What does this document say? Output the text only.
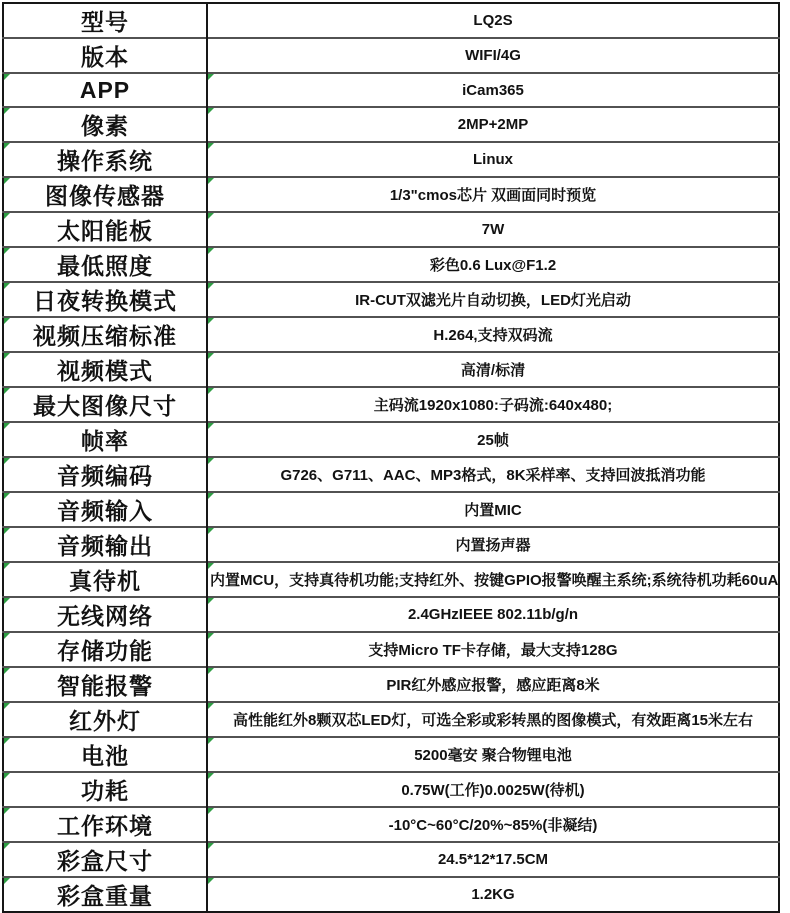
型号	LQ2S
版本	WIFI/4G

APP	iCam365

像素	2MP+2MP

操作系统	Linux

图像传感器	1/3"cmos芯片 双画面同时预览

太阳能板	7W

最低照度	彩色0.6 Lux@F1.2

日夜转换模式	IR-CUT双滤光片自动切换，LED灯光启动

视频压缩标准	H.264,支持双码流

视频模式	高清/标清

最大图像尺寸	主码流1920x1080:子码流:640x480;

帧率	25帧

音频编码	G726、G711、AAC、MP3格式，8K采样率、支持回波抵消功能

音频输入	内置MIC

音频输出	内置扬声器

真待机	内置MCU，支持真待机功能;支持红外、按键GPIO报警唤醒主系统;系统待机功耗60uA

无线网络	2.4GHzIEEE 802.11b/g/n

存储功能	支持Micro TF卡存储，最大支持128G

智能报警	PIR红外感应报警，感应距离8米

红外灯	高性能红外8颗双芯LED灯，可选全彩或彩转黑的图像模式，有效距离15米左右

电池	5200毫安 聚合物锂电池

功耗	0.75W(工作)0.0025W(待机)

工作环境	-10°C~60°C/20%~85%(非凝结)

彩盒尺寸	24.5*12*17.5CM

彩盒重量	1.2KG
